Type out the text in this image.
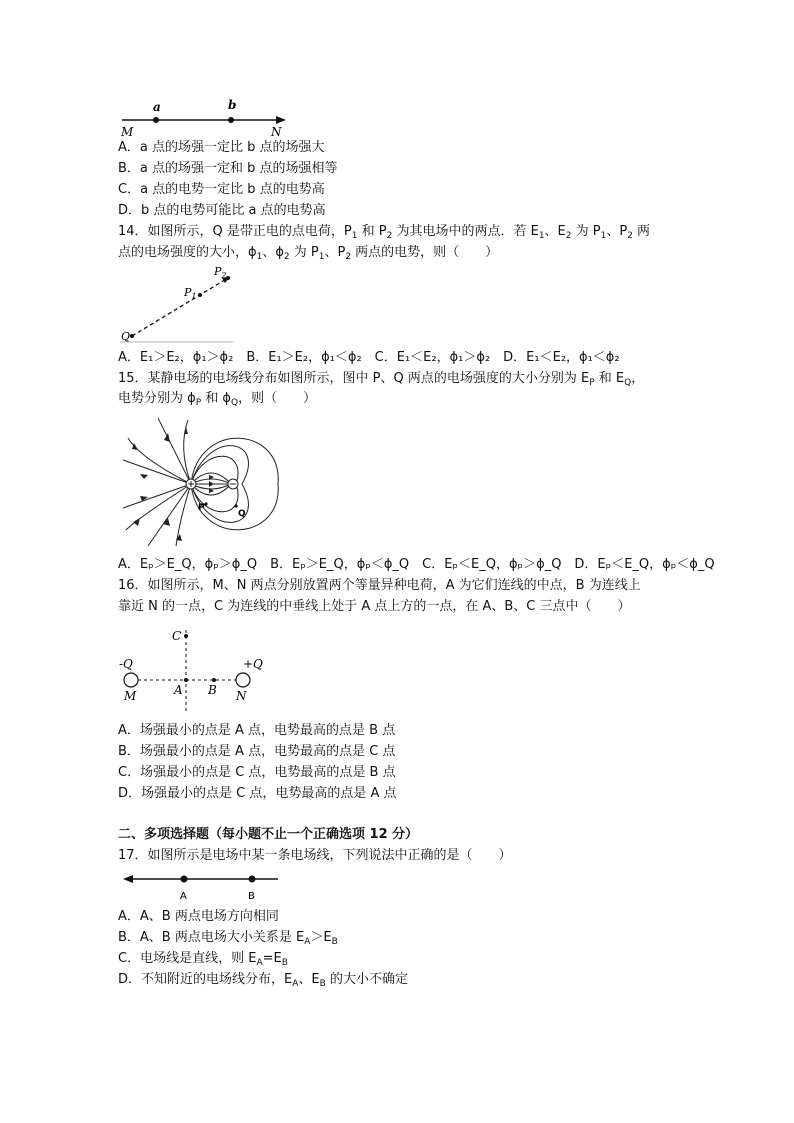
a	b
M	N
A．a 点的场强一定比 b 点的场强大
B．a 点的场强一定和 b 点的场强相等
C．a 点的电势一定比 b 点的电势高
D．b 点的电势可能比 a 点的电势高
14．如图所示，Q 是带正电的点电荷，$P_1$ 和 $P_2$ 为其电场中的两点．若 $E_1$、$E_2$ 为 $P_1$、$P_2$ 两
点的电场强度的大小，$\phi_1$、$\phi_2$ 为 $P_1$、$P_2$ 两点的电势，则（　　）
Q
$P_1$
$P_2$
A．E₁＞E₂，ϕ₁＞ϕ₂　B．E₁＞E₂，ϕ₁＜ϕ₂　C．E₁＜E₂，ϕ₁＞ϕ₂　D．E₁＜E₂，ϕ₁＜ϕ₂
15．某静电场的电场线分布如图所示，图中 P、Q 两点的电场强度的大小分别为 $E_P$ 和 $E_Q$，
电势分别为 $\phi_P$ 和 $\phi_Q$，则（　　）
P
Q
A．Eₚ＞E_Q，ϕₚ＞ϕ_Q　B．Eₚ＞E_Q，ϕₚ＜ϕ_Q　C．Eₚ＜E_Q，ϕₚ＞ϕ_Q　D．Eₚ＜E_Q，ϕₚ＜ϕ_Q
16．如图所示，M、N 两点分别放置两个等量异种电荷，A 为它们连线的中点，B 为连线上
靠近 N 的一点，C 为连线的中垂线上处于 A 点上方的一点，在 A、B、C 三点中（　　）
-Q	+Q
M	N
A B
C
A．场强最小的点是 A 点，电势最高的点是 B 点
B．场强最小的点是 A 点，电势最高的点是 C 点
C．场强最小的点是 C 点，电势最高的点是 B 点
D．场强最小的点是 C 点，电势最高的点是 A 点
二、多项选择题（每小题不止一个正确选项 12 分）
17．如图所示是电场中某一条电场线，下列说法中正确的是（　　）
A	B
A．A、B 两点电场方向相同
B．A、B 两点电场大小关系是 $E_A>E_B$
C．电场线是直线，则 $E_A=E_B$
D．不知附近的电场线分布，$E_A$、$E_B$ 的大小不确定
